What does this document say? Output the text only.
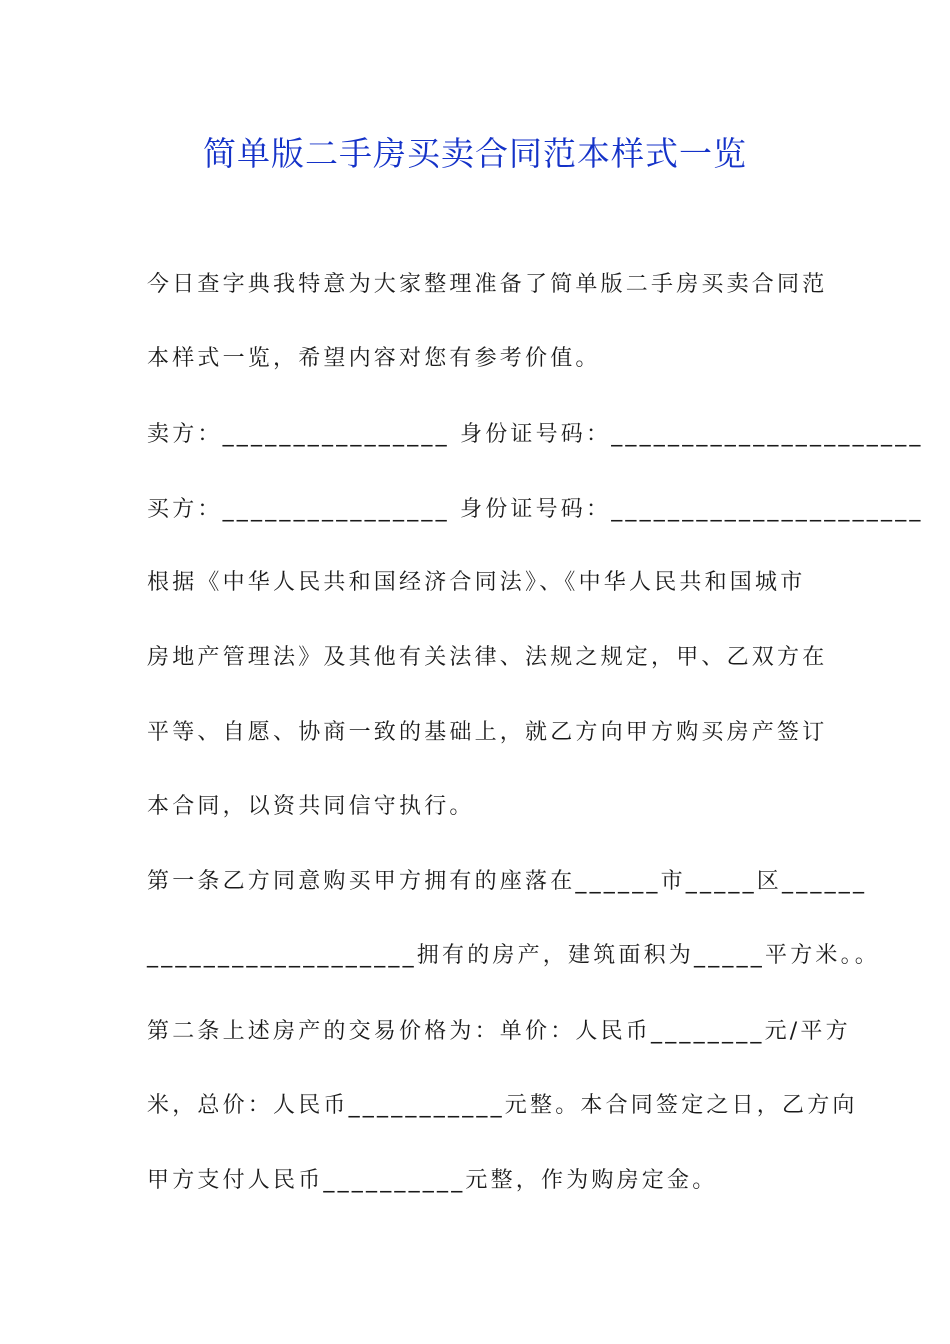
简单版二手房买卖合同范本样式一览
今日查字典我特意为大家整理准备了简单版二手房买卖合同范
本样式一览，希望内容对您有参考价值。
卖方：________________ 身份证号码：______________________
买方：________________ 身份证号码：______________________
根据《中华人民共和国经济合同法》、《中华人民共和国城市
房地产管理法》及其他有关法律、法规之规定，甲、乙双方在
平等、自愿、协商一致的基础上，就乙方向甲方购买房产签订
本合同，以资共同信守执行。
第一条乙方同意购买甲方拥有的座落在______市_____区______
___________________拥有的房产，建筑面积为_____平方米。。
第二条上述房产的交易价格为：单价：人民币________元/平方
米，总价：人民币___________元整。本合同签定之日，乙方向
甲方支付人民币__________元整，作为购房定金。
